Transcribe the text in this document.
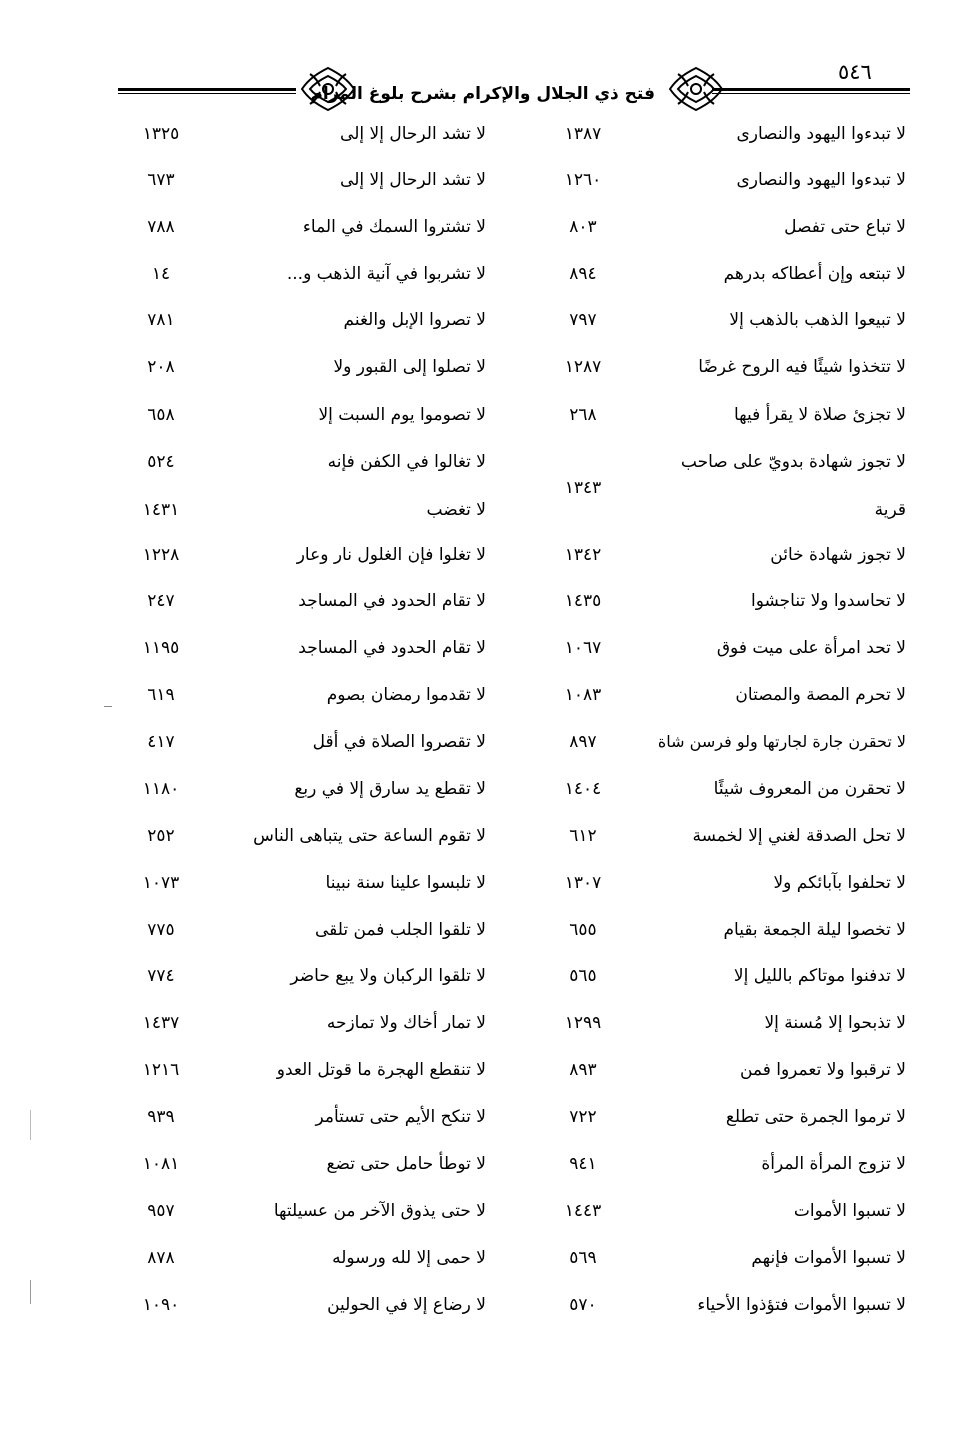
٥٤٦
فتح ذي الجلال والإكرام بشرح بلوغ المرام
لا تبدءوا اليهود والنصارى
١٣٨٧
لا تبدءوا اليهود والنصارى
١٢٦٠
لا تباع حتى تفصل
٨٠٣
لا تبتعه وإن أعطاكه بدرهم
٨٩٤
لا تبيعوا الذهب بالذهب إلا
٧٩٧
لا تتخذوا شيئًا فيه الروح غرضًا
١٢٨٧
لا تجزئ صلاة لا يقرأ فيها
٢٦٨
لا تجوز شهادة بدويّ على صاحب
قرية
١٣٤٣
لا تجوز شهادة خائن
١٣٤٢
لا تحاسدوا ولا تناجشوا
١٤٣٥
لا تحد امرأة على ميت فوق
١٠٦٧
لا تحرم المصة والمصتان
١٠٨٣
لا تحقرن جارة لجارتها ولو فرسن شاة
٨٩٧
لا تحقرن من المعروف شيئًا
١٤٠٤
لا تحل الصدقة لغني إلا لخمسة
٦١٢
لا تحلفوا بآبائكم ولا
١٣٠٧
لا تخصوا ليلة الجمعة بقيام
٦٥٥
لا تدفنوا موتاكم بالليل إلا
٥٦٥
لا تذبحوا إلا مُسنة إلا
١٢٩٩
لا ترقبوا ولا تعمروا فمن
٨٩٣
لا ترموا الجمرة حتى تطلع
٧٢٢
لا تزوج المرأة المرأة
٩٤١
لا تسبوا الأموات
١٤٤٣
لا تسبوا الأموات فإنهم
٥٦٩
لا تسبوا الأموات فتؤذوا الأحياء
٥٧٠
لا تشد الرحال إلا إلى
١٣٢٥
لا تشد الرحال إلا إلى
٦٧٣
لا تشتروا السمك في الماء
٧٨٨
لا تشربوا في آنية الذهب و...
١٤
لا تصروا الإبل والغنم
٧٨١
لا تصلوا إلى القبور ولا
٢٠٨
لا تصوموا يوم السبت إلا
٦٥٨
لا تغالوا في الكفن فإنه
٥٢٤
لا تغضب
١٤٣١
لا تغلوا فإن الغلول نار وعار
١٢٢٨
لا تقام الحدود في المساجد
٢٤٧
لا تقام الحدود في المساجد
١١٩٥
لا تقدموا رمضان بصوم
٦١٩
لا تقصروا الصلاة في أقل
٤١٧
لا تقطع يد سارق إلا في ربع
١١٨٠
لا تقوم الساعة حتى يتباهى الناس
٢٥٢
لا تلبسوا علينا سنة نبينا
١٠٧٣
لا تلقوا الجلب فمن تلقى
٧٧٥
لا تلقوا الركبان ولا يبع حاضر
٧٧٤
لا تمار أخاك ولا تمازحه
١٤٣٧
لا تنقطع الهجرة ما قوتل العدو
١٢١٦
لا تنكح الأيم حتى تستأمر
٩٣٩
لا توطأ حامل حتى تضع
١٠٨١
لا حتى يذوق الآخر من عسيلتها
٩٥٧
لا حمى إلا لله ورسوله
٨٧٨
لا رضاع إلا في الحولين
١٠٩٠
